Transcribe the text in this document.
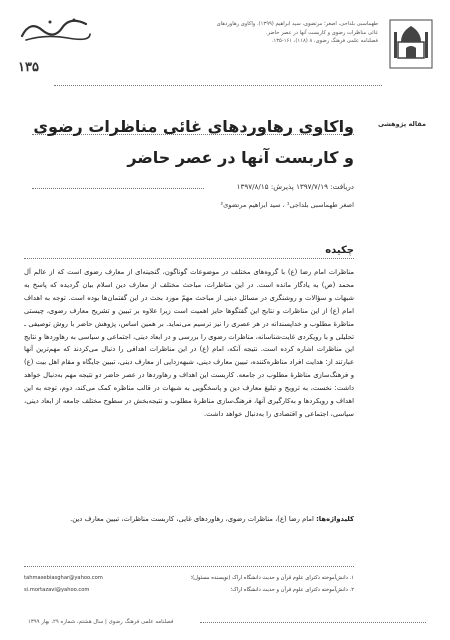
۱۳۵
طهماسبی بلداجی، اصغر؛ مرتضوی، سید ابراهیم (۱۳۹۹). واکاوی رهاوردهای
غائی مناظرات رضوی و کاربست آنها در عصر حاضر.
فصلنامه علمی فرهنگ رضوی، ۸ (۱۱۸)، ۱۶۱-۱۳۵.
مقاله پژوهشی
واکاوی رهاوردهای غائی مناظرات رضوی
و کاربست آنها در عصر حاضر
دریافت: ۱۳۹۷/۷/۱۹ پذیرش: ۱۳۹۷/۸/۱۵
اصغر طهماسبی بلداجی¹ ، سید ابراهیم مرتضوی²
چکیده
مناظرات امام رضا (ع) با گروه‌های مختلف در موضوعات گوناگون، گنجینه‌ای از معارف رضوی است که از عالم آل محمد (ص) به یادگار مانده است. در این مناظرات، مباحث مختلف از معارف دین اسلام بیان گردیده که پاسخ به شبهات و سؤالات و روشنگری در مسائل دینی از مباحث مهمّ مورد بحث در این گفتمان‌ها بوده است. توجه به اهداف امام (ع) از این مناظرات و نتایج این گفتگوها حایز اهمیت است زیرا علاوه بر تبیین و تشریح معارف رضوی، چیستی مناظرهٔ مطلوب و خداپسندانه در هر عصری را نیز ترسیم می‌نماید. بر همین اساس، پژوهش حاضر با روش توصیفی ـ تحلیلی و با رویکردی غایت‌شناسانه، مناظرات رضوی را بررسی و در ابعاد دینی، اجتماعی و سیاسی به رهاوردها و نتایج این مناظرات اشاره کرده است. نتیجه آنکه، امام (ع) در این مناظرات اهدافی را دنبال می‌کردند که مهم‌ترین آنها عبارتند از: هدایت افراد مناظره‌کننده، تبیین معارف دینی، شبهه‌زدایی از معارف دینی، تبیین جایگاه و مقام اهل بیت (ع) و فرهنگ‌سازی مناظرهٔ مطلوب در جامعه. کاربست این اهداف و رهاوردها در عصر حاضر دو نتیجه مهم به‌دنبال خواهد داشت: نخست، به ترویج و تبلیغ معارف دین و پاسخگویی به شبهات در قالب مناظره کمک می‌کند، دوم، توجه به این اهداف و رویکردها و به‌کارگیری آنها، فرهنگ‌سازی مناظرهٔ مطلوب و نتیجه‌بخش در سطوح مختلف جامعه از ابعاد دینی، سیاسی، اجتماعی و اقتصادی را به‌دنبال خواهد داشت.
کلیدواژه‌ها: امام رضا (ع)، مناظرات رضوی، رهاوردهای غایی، کاربست مناظرات، تبیین معارف دین.
۱. دانش‌آموخته دکترای علوم قرآن و حدیث دانشگاه اراک (نویسنده مسئول)؛
tahmasebiasghar@yahoo.com
۲. دانش‌آموخته دکترای علوم قرآن و حدیث دانشگاه اراک؛
si.mortazavi@yahoo.com
فصلنامه علمی فرهنگ رضوی | سال هشتم، شماره ۲۹، بهار ۱۳۹۹
